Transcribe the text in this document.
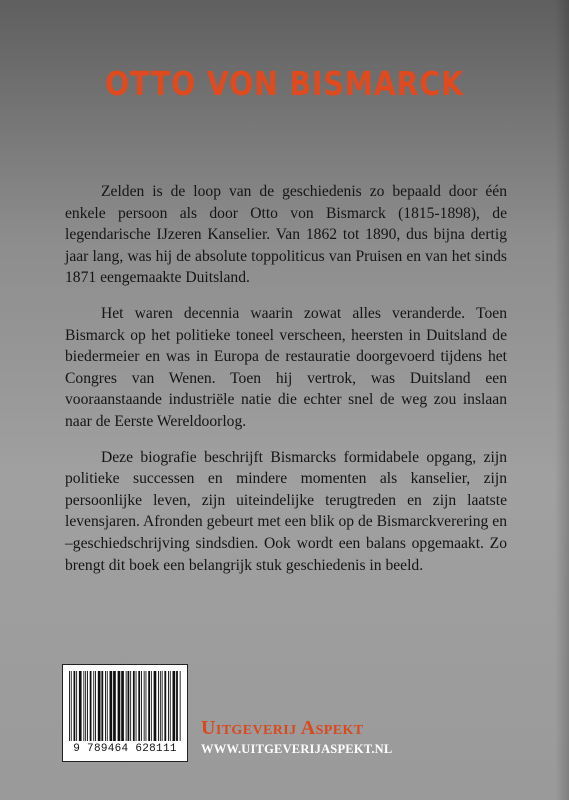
OTTO VON BISMARCK

Zelden is de loop van de geschiedenis zo bepaald door één enkele persoon als door Otto von Bismarck (1815-1898), de legendarische IJzeren Kanselier. Van 1862 tot 1890, dus bijna dertig jaar lang, was hij de absolute toppoliticus van Pruisen en van het sinds 1871 eengemaakte Duitsland.

Het waren decennia waarin zowat alles veranderde. Toen Bismarck op het politieke toneel verscheen, heersten in Duitsland de biedermeier en was in Europa de restauratie doorgevoerd tijdens het Congres van Wenen. Toen hij vertrok, was Duitsland een vooraanstaande industriële natie die echter snel de weg zou inslaan naar de Eerste Wereldoorlog.

Deze biografie beschrijft Bismarcks formidabele opgang, zijn politieke successen en mindere momenten als kanselier, zijn persoonlijke leven, zijn uiteindelijke terugtreden en zijn laatste levensjaren. Afronden gebeurt met een blik op de Bismarckverering en –geschiedschrijving sindsdien. Ook wordt een balans opgemaakt. Zo brengt dit boek een belangrijk stuk geschiedenis in beeld.

9 789464 628111
Uitgeverij Aspekt
WWW.UITGEVERIJASPEKT.NL
